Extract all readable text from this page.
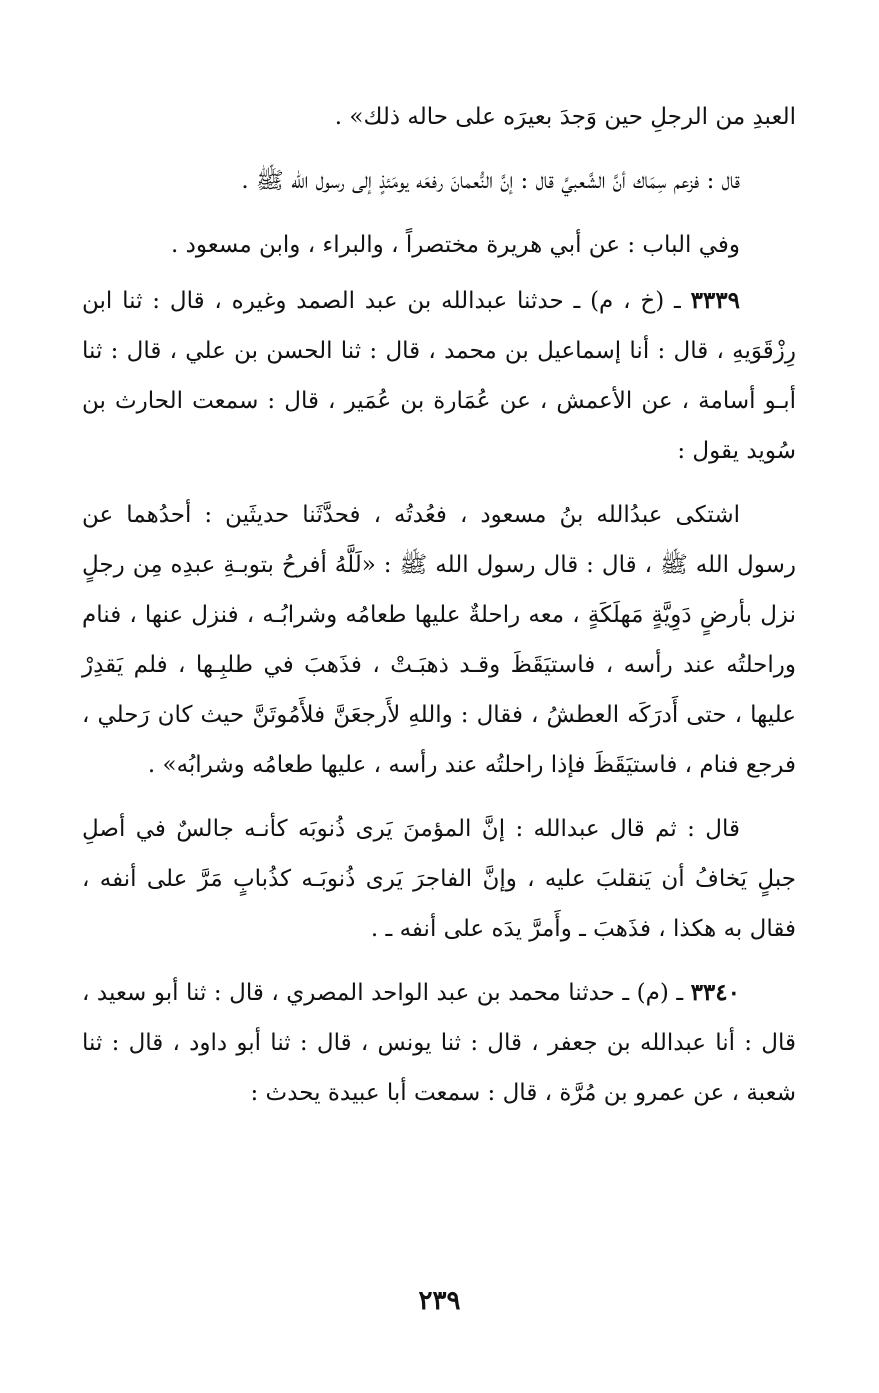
العبدِ من الرجلِ حين وَجدَ بعيرَه على حاله ذلك» .

قال : فزعم سِمَاك أنَّ الشَّعبيَّ قال : إنَّ النُّعمانَ رفعَه يومَئذٍ إلى رسول الله ﷺ .

وفي الباب : عن أبي هريرة مختصراً ، والبراء ، وابن مسعود .

٣٣٣٩ ـ (خ ، م) ـ حدثنا عبدالله بن عبد الصمد وغيره ، قال : ثنا ابن رِزْقَوَيهِ ، قال : أنا إسماعيل بن محمد ، قال : ثنا الحسن بن علي ، قال : ثنا أبـو أسامة ، عن الأعمش ، عن عُمَارة بن عُمَير ، قال : سمعت الحارث بن سُويد يقول :

اشتكى عبدُالله بنُ مسعود ، فعُدتُه ، فحدَّثَنا حديثَين : أحدُهما عن رسول الله ﷺ ، قال : قال رسول الله ﷺ : «لَلَّهُ أفرحُ بتوبـةِ عبدِه مِن رجلٍ نزل بأرضٍ دَوِيَّةٍ مَهلَكَةٍ ، معه راحلةٌ عليها طعامُه وشرابُـه ، فنزل عنها ، فنام وراحلتُه عند رأسه ، فاستيَقَظَ وقـد ذهبَـتْ ، فذَهبَ في طلبِـها ، فلم يَقدِرْ عليها ، حتى أَدرَكَه العطشُ ، فقال : واللهِ لأَرجعَنَّ فلأَمُوتَنَّ حيث كان رَحلي ، فرجع فنام ، فاستيَقَظَ فإذا راحلتُه عند رأسه ، عليها طعامُه وشرابُه» .

قال : ثم قال عبدالله : إنَّ المؤمنَ يَرى ذُنوبَه كأنـه جالسٌ في أصلِ جبلٍ يَخافُ أن يَنقلبَ عليه ، وإنَّ الفاجرَ يَرى ذُنوبَـه كذُبابٍ مَرَّ على أنفه ، فقال به هكذا ، فذَهبَ ـ وأَمرَّ يدَه على أنفه ـ .

٣٣٤٠ ـ (م) ـ حدثنا محمد بن عبد الواحد المصري ، قال : ثنا أبو سعيد ، قال : أنا عبدالله بن جعفر ، قال : ثنا يونس ، قال : ثنا أبو داود ، قال : ثنا شعبة ، عن عمرو بن مُرَّة ، قال : سمعت أبا عبيدة يحدث :

٢٣٩
